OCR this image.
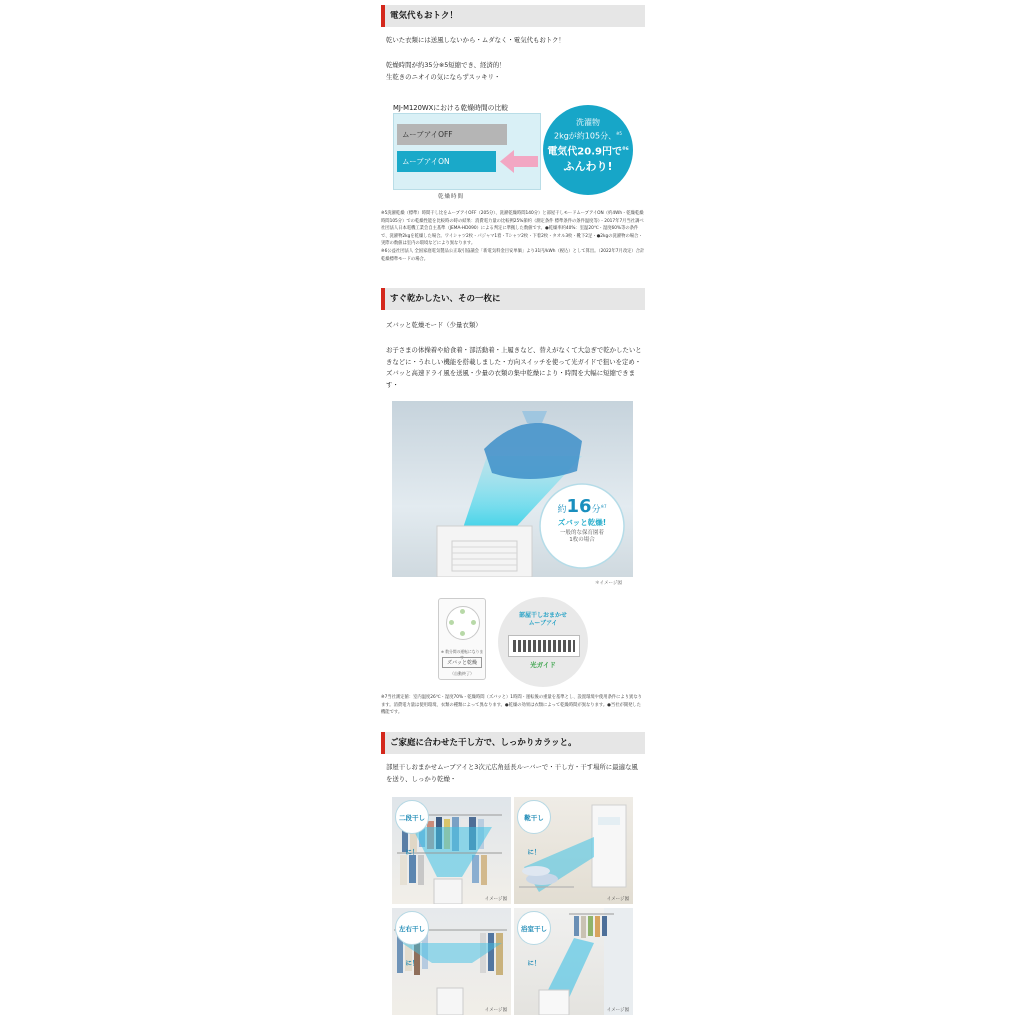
電気代もおトク！
乾いた衣類には送風しないから・ムダなく・電気代もおトク！
乾燥時間が約35分※5短縮でき、経済的！
生乾きのニオイの気にならずスッキリ・
MJ-M120WXにおける乾燥時間の比較
ムーブアイOFF
ムーブアイON
乾燥時間
洗濯物
2kgが約105分、$^{※5}$
電気代20.9円で$^{※6}$
ふんわり!
※5洗濯乾燥（標準）時間干し比をムーブアイOFF（205分）、洗濯乾燥時間140分）と部屋干しモードムーブアイON（約4Wh・乾燥乾燥時間105分）での乾燥性能を比較時の時の結果：消費電力量の比較例25%節約（測定条件 標準条件の条件温度等）・2017年7月当社調べ　社団法人日本電機工業会自主基準（JEMA-HD090）による判定に準拠した数値です。●乾燥率約40%：室温20℃・湿度60%等の条件で、洗濯物2kgを乾燥した場合。ワイシャツ2枚・パジャマ1着・Tシャツ2枚・下着2枚・タオル3枚・靴下2足・●2kgの洗濯物の場合・実際の数値は室内の環境などにより異なります。
※6公益社団法人 全国家庭電気製品公正取引協議会「新電気料金目安単価」より31円/kWh（税込）として算出。（2022年7月改定）合計乾燥標準モードの場合。
すぐ乾かしたい、その一枚に
ズバッと乾燥モード（少量衣類）
お子さまの体操着や給食着・部活動着・上履きなど、替えがなくて大急ぎで乾かしたいときなどに・うれしい機能を搭載しました・方向スイッチを使って光ガイドで狙いを定め・ズバッと高速ドライ風を送風・少量の衣類の集中乾燥により・時間を大幅に短縮できます・
約16分$^{※7}$
ズバッと乾燥!
一般的な保育園着
1枚の場合
＊イメージ図
※ 数分間の運転になります
ズバッと乾燥
（自動終了）
部屋干しおまかせ
ムーブアイ
光ガイド
※7当社測定値：室内温度26℃・湿度70%・乾燥時間（ズバッと）1時間・運転後の重量を基準とし、設置環境や使用条件により異なります。消費電力量は使用環境、衣類の種類によって異なります。●乾燥の効果は衣類によって乾燥時間が異なります。●当社が開発した機能です。
ご家庭に合わせた干し方で、しっかりカラッと。
部屋干しおまかせムーブアイと3次元広角延長ルーバーで・干し方・干す場所に最適な風を送り、しっかり乾燥・
二段干しに！
イメージ図
靴干しに！
イメージ図
左右干しに！
イメージ図
浴室干しに！
イメージ図
